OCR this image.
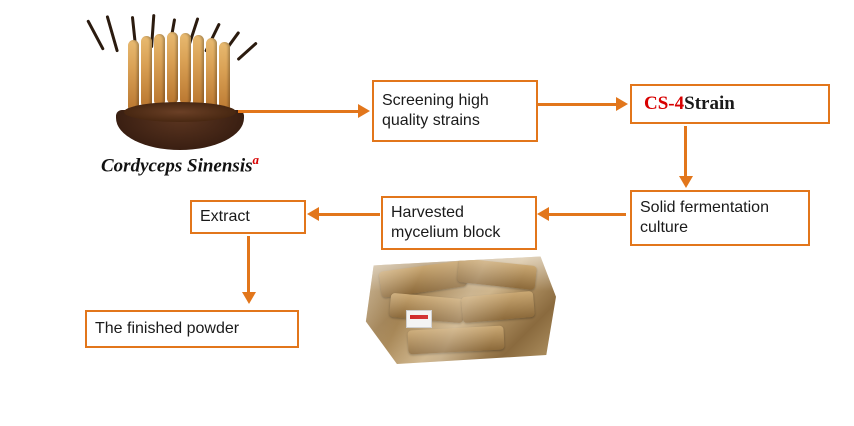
Cordyceps Sinensis$^a$
Screening high quality strains
CS-4 Strain
Solid fermentation culture
Harvested mycelium block
Extract
The finished powder
